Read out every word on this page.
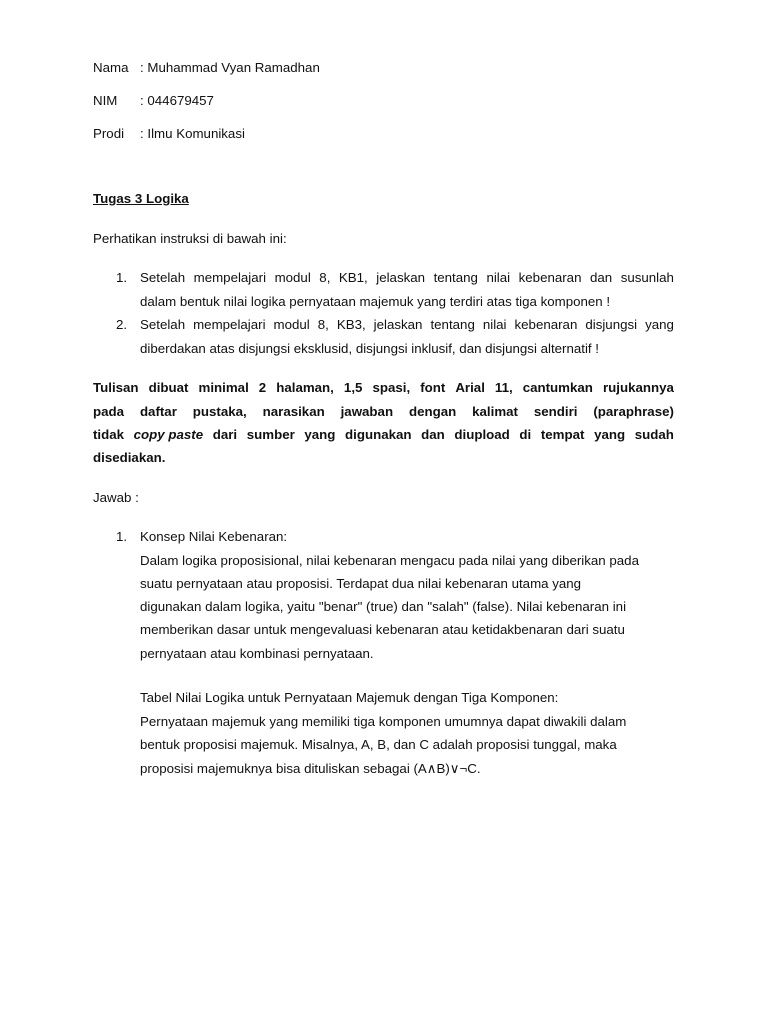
Nama : Muhammad Vyan Ramadhan
NIM : 044679457
Prodi : Ilmu Komunikasi
Tugas 3 Logika
Perhatikan instruksi di bawah ini:
1. Setelah mempelajari modul 8, KB1, jelaskan tentang nilai kebenaran dan susunlah
dalam bentuk nilai logika pernyataan majemuk yang terdiri atas tiga komponen !
2. Setelah mempelajari modul 8, KB3, jelaskan tentang nilai kebenaran disjungsi yang
diberdakan atas disjungsi eksklusid, disjungsi inklusif, dan disjungsi alternatif !
Tulisan dibuat minimal 2 halaman, 1,5 spasi, font Arial 11, cantumkan rujukannya
pada daftar pustaka, narasikan jawaban dengan kalimat sendiri (paraphrase)
tidak copy paste dari sumber yang digunakan dan diupload di tempat yang sudah
disediakan.
Jawab :
1. Konsep Nilai Kebenaran:
Dalam logika proposisional, nilai kebenaran mengacu pada nilai yang diberikan pada
suatu pernyataan atau proposisi. Terdapat dua nilai kebenaran utama yang
digunakan dalam logika, yaitu "benar" (true) dan "salah" (false). Nilai kebenaran ini
memberikan dasar untuk mengevaluasi kebenaran atau ketidakbenaran dari suatu
pernyataan atau kombinasi pernyataan.
Tabel Nilai Logika untuk Pernyataan Majemuk dengan Tiga Komponen:
Pernyataan majemuk yang memiliki tiga komponen umumnya dapat diwakili dalam
bentuk proposisi majemuk. Misalnya, A, B, dan C adalah proposisi tunggal, maka
proposisi majemuknya bisa dituliskan sebagai (A∧B)∨¬C.
